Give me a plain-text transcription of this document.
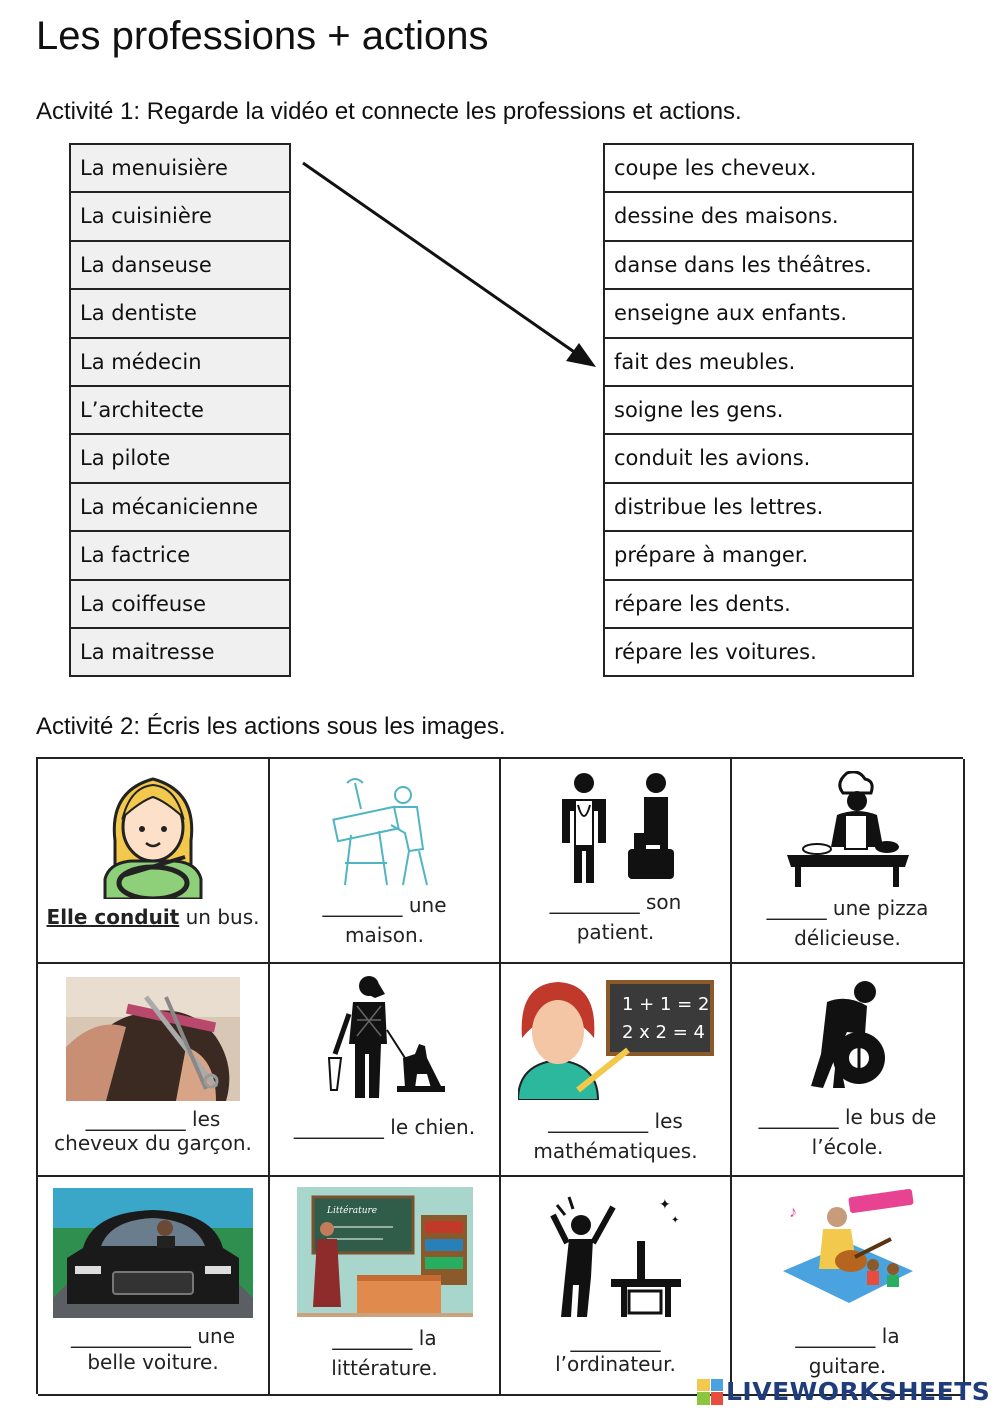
Les professions + actions
Activité 1: Regarde la vidéo et connecte les professions et actions.
La menuisière
La cuisinière
La danseuse
La dentiste
La médecin
L’architecte
La pilote
La mécanicienne
La factrice
La coiffeuse
La maitresse
coupe les cheveux.
dessine des maisons.
danse dans les théâtres.
enseigne aux enfants.
fait des meubles.
soigne les gens.
conduit les avions.
distribue les lettres.
prépare à manger.
répare les dents.
répare les voitures.
Activité 2: Écris les actions sous les images.
Elle conduit un bus.	________ une
maison.
_________ son
patient.
______ une pizza
délicieuse.
__________ les
cheveux du garçon.
_________ le chien.
1 + 1 = 2
2 x 2 = 4
__________ les
mathématiques.
________ le bus de
l’école.
____________ une
belle voiture.
Littérature
________ la
littérature.
✦
✦
_________
l’ordinateur.
♪
________ la
guitare.
LIVEWORKSHEETS
